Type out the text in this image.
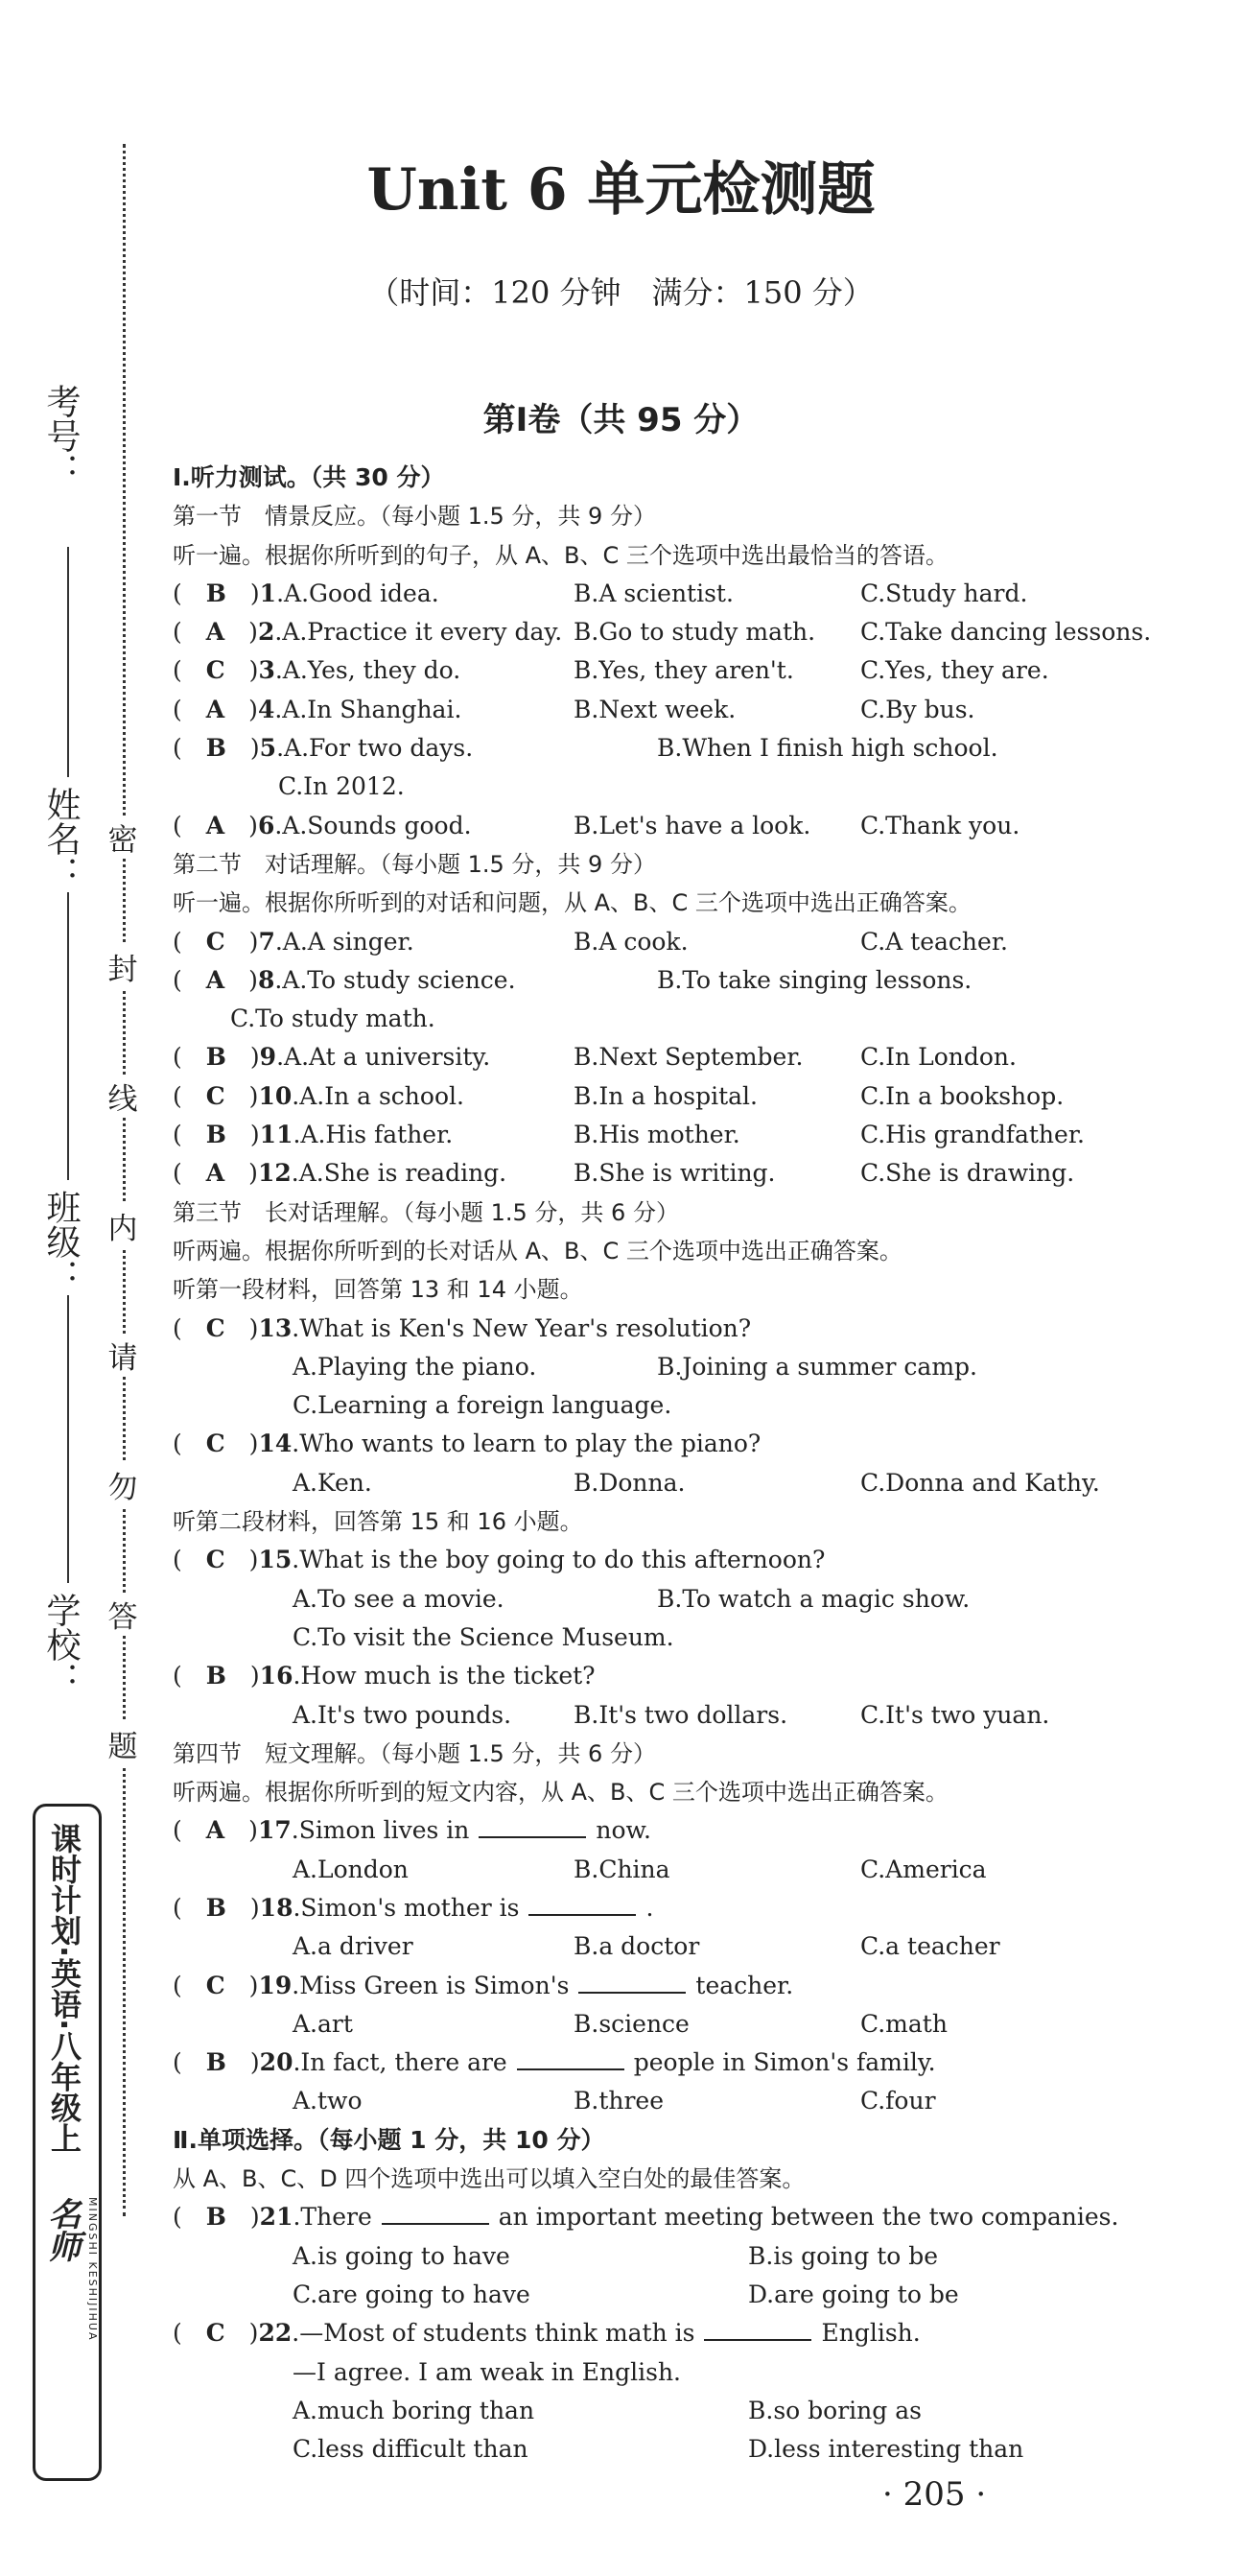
考号：
姓名：
班级：
学校：
密
封
线
内
请
勿
答
题
课时计划·英语·八年级上
名师 MINGSHI KESHIJIHUA
Unit 6 单元检测题
（时间：120 分钟　满分：150 分）
第Ⅰ卷（共 95 分）
Ⅰ.听力测试。（共 30 分）
第一节　情景反应。（每小题 1.5 分，共 9 分）
听一遍。根据你所听到的句子，从 A、B、C 三个选项中选出最恰当的答语。
(　B　)1.A.Good idea.	B.A scientist.	C.Study hard.
(　A　)2.A.Practice it every day. B.Go to study math. C.Take dancing lessons.
(　C　)3.A.Yes, they do.	B.Yes, they aren't.	C.Yes, they are.
(　A　)4.A.In Shanghai.	B.Next week.	C.By bus.
(　B　)5.A.For two days.	B.When I finish high school.
C.In 2012.
(　A　)6.A.Sounds good.	B.Let's have a look. C.Thank you.
第二节　对话理解。（每小题 1.5 分，共 9 分）
听一遍。根据你所听到的对话和问题，从 A、B、C 三个选项中选出正确答案。
(　C　)7.A.A singer.	B.A cook.	C.A teacher.
(　A　)8.A.To study science.	B.To take singing lessons.
C.To study math.
(　B　)9.A.At a university.	B.Next September. C.In London.
(　C　)10.A.In a school.	B.In a hospital.	C.In a bookshop.
(　B　)11.A.His father.	B.His mother.	C.His grandfather.
(　A　)12.A.She is reading.	B.She is writing.	C.She is drawing.
第三节　长对话理解。（每小题 1.5 分，共 6 分）
听两遍。根据你所听到的长对话从 A、B、C 三个选项中选出正确答案。
听第一段材料，回答第 13 和 14 小题。
(　C　)13.What is Ken's New Year's resolution?
A.Playing the piano.	B.Joining a summer camp.
C.Learning a foreign language.
(　C　)14.Who wants to learn to play the piano?
A.Ken.	B.Donna.	C.Donna and Kathy.
听第二段材料，回答第 15 和 16 小题。
(　C　)15.What is the boy going to do this afternoon?
A.To see a movie.	B.To watch a magic show.
C.To visit the Science Museum.
(　B　)16.How much is the ticket?
A.It's two pounds.	B.It's two dollars.	C.It's two yuan.
第四节　短文理解。（每小题 1.5 分，共 6 分）
听两遍。根据你所听到的短文内容，从 A、B、C 三个选项中选出正确答案。
(　A　)17.Simon lives in	now.
A.London	B.China	C.America
(　B　)18.Simon's mother is	.
A.a driver	B.a doctor	C.a teacher
(　C　)19.Miss Green is Simon's	teacher.
A.art	B.science	C.math
(　B　)20.In fact, there are	people in Simon's family.
A.two	B.three	C.four
Ⅱ.单项选择。（每小题 1 分，共 10 分）
从 A、B、C、D 四个选项中选出可以填入空白处的最佳答案。
(　B　)21.There	an important meeting between the two companies.
A.is going to have	B.is going to be
C.are going to have	D.are going to be
(　C　)22.—Most of students think math is	English.
—I agree. I am weak in English.
A.much boring than	B.so boring as
C.less difficult than	D.less interesting than
· 205 ·
